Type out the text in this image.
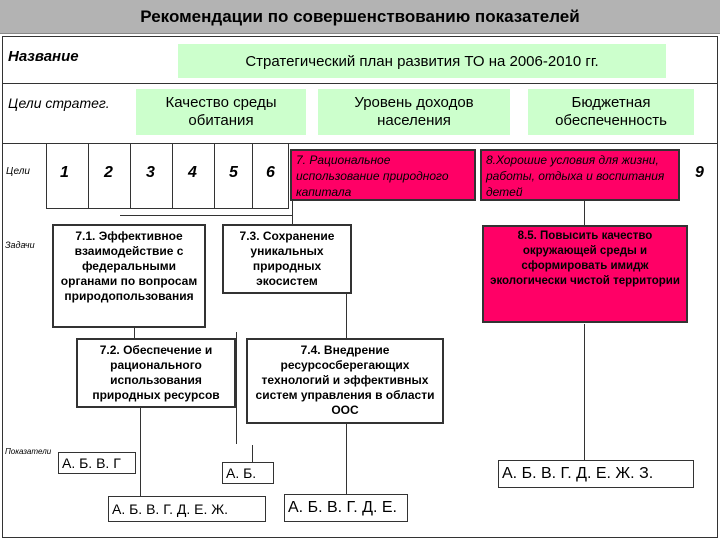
Рекомендации по совершенствованию показателей
Название
Цели стратег.
Цели
Задачи
Показатели
Стратегический план развития ТО на 2006-2010 гг.
Качество среды обитания
Уровень доходов населения
Бюджетная обеспеченность
1 2 3 4 5 6	9
7. Рациональное использование природного капитала
8.Хорошие условия для жизни, работы, отдыха и воспитания детей
7.1. Эффективное взаимодействие с федеральными органами по вопросам природопользования
7.3. Сохранение уникальных природных экосистем
8.5. Повысить качество окружающей среды и сформировать имидж экологически чистой территории
7.2. Обеспечение и рационального использования природных ресурсов
7.4. Внедрение ресурсосберегающих технологий и эффективных систем управления в области ООС
А. Б. В. Г
А. Б.	А. Б. В. Г. Д. Е. Ж. З.
А. Б. В. Г. Д. Е. Ж.	А. Б. В. Г. Д. Е.
